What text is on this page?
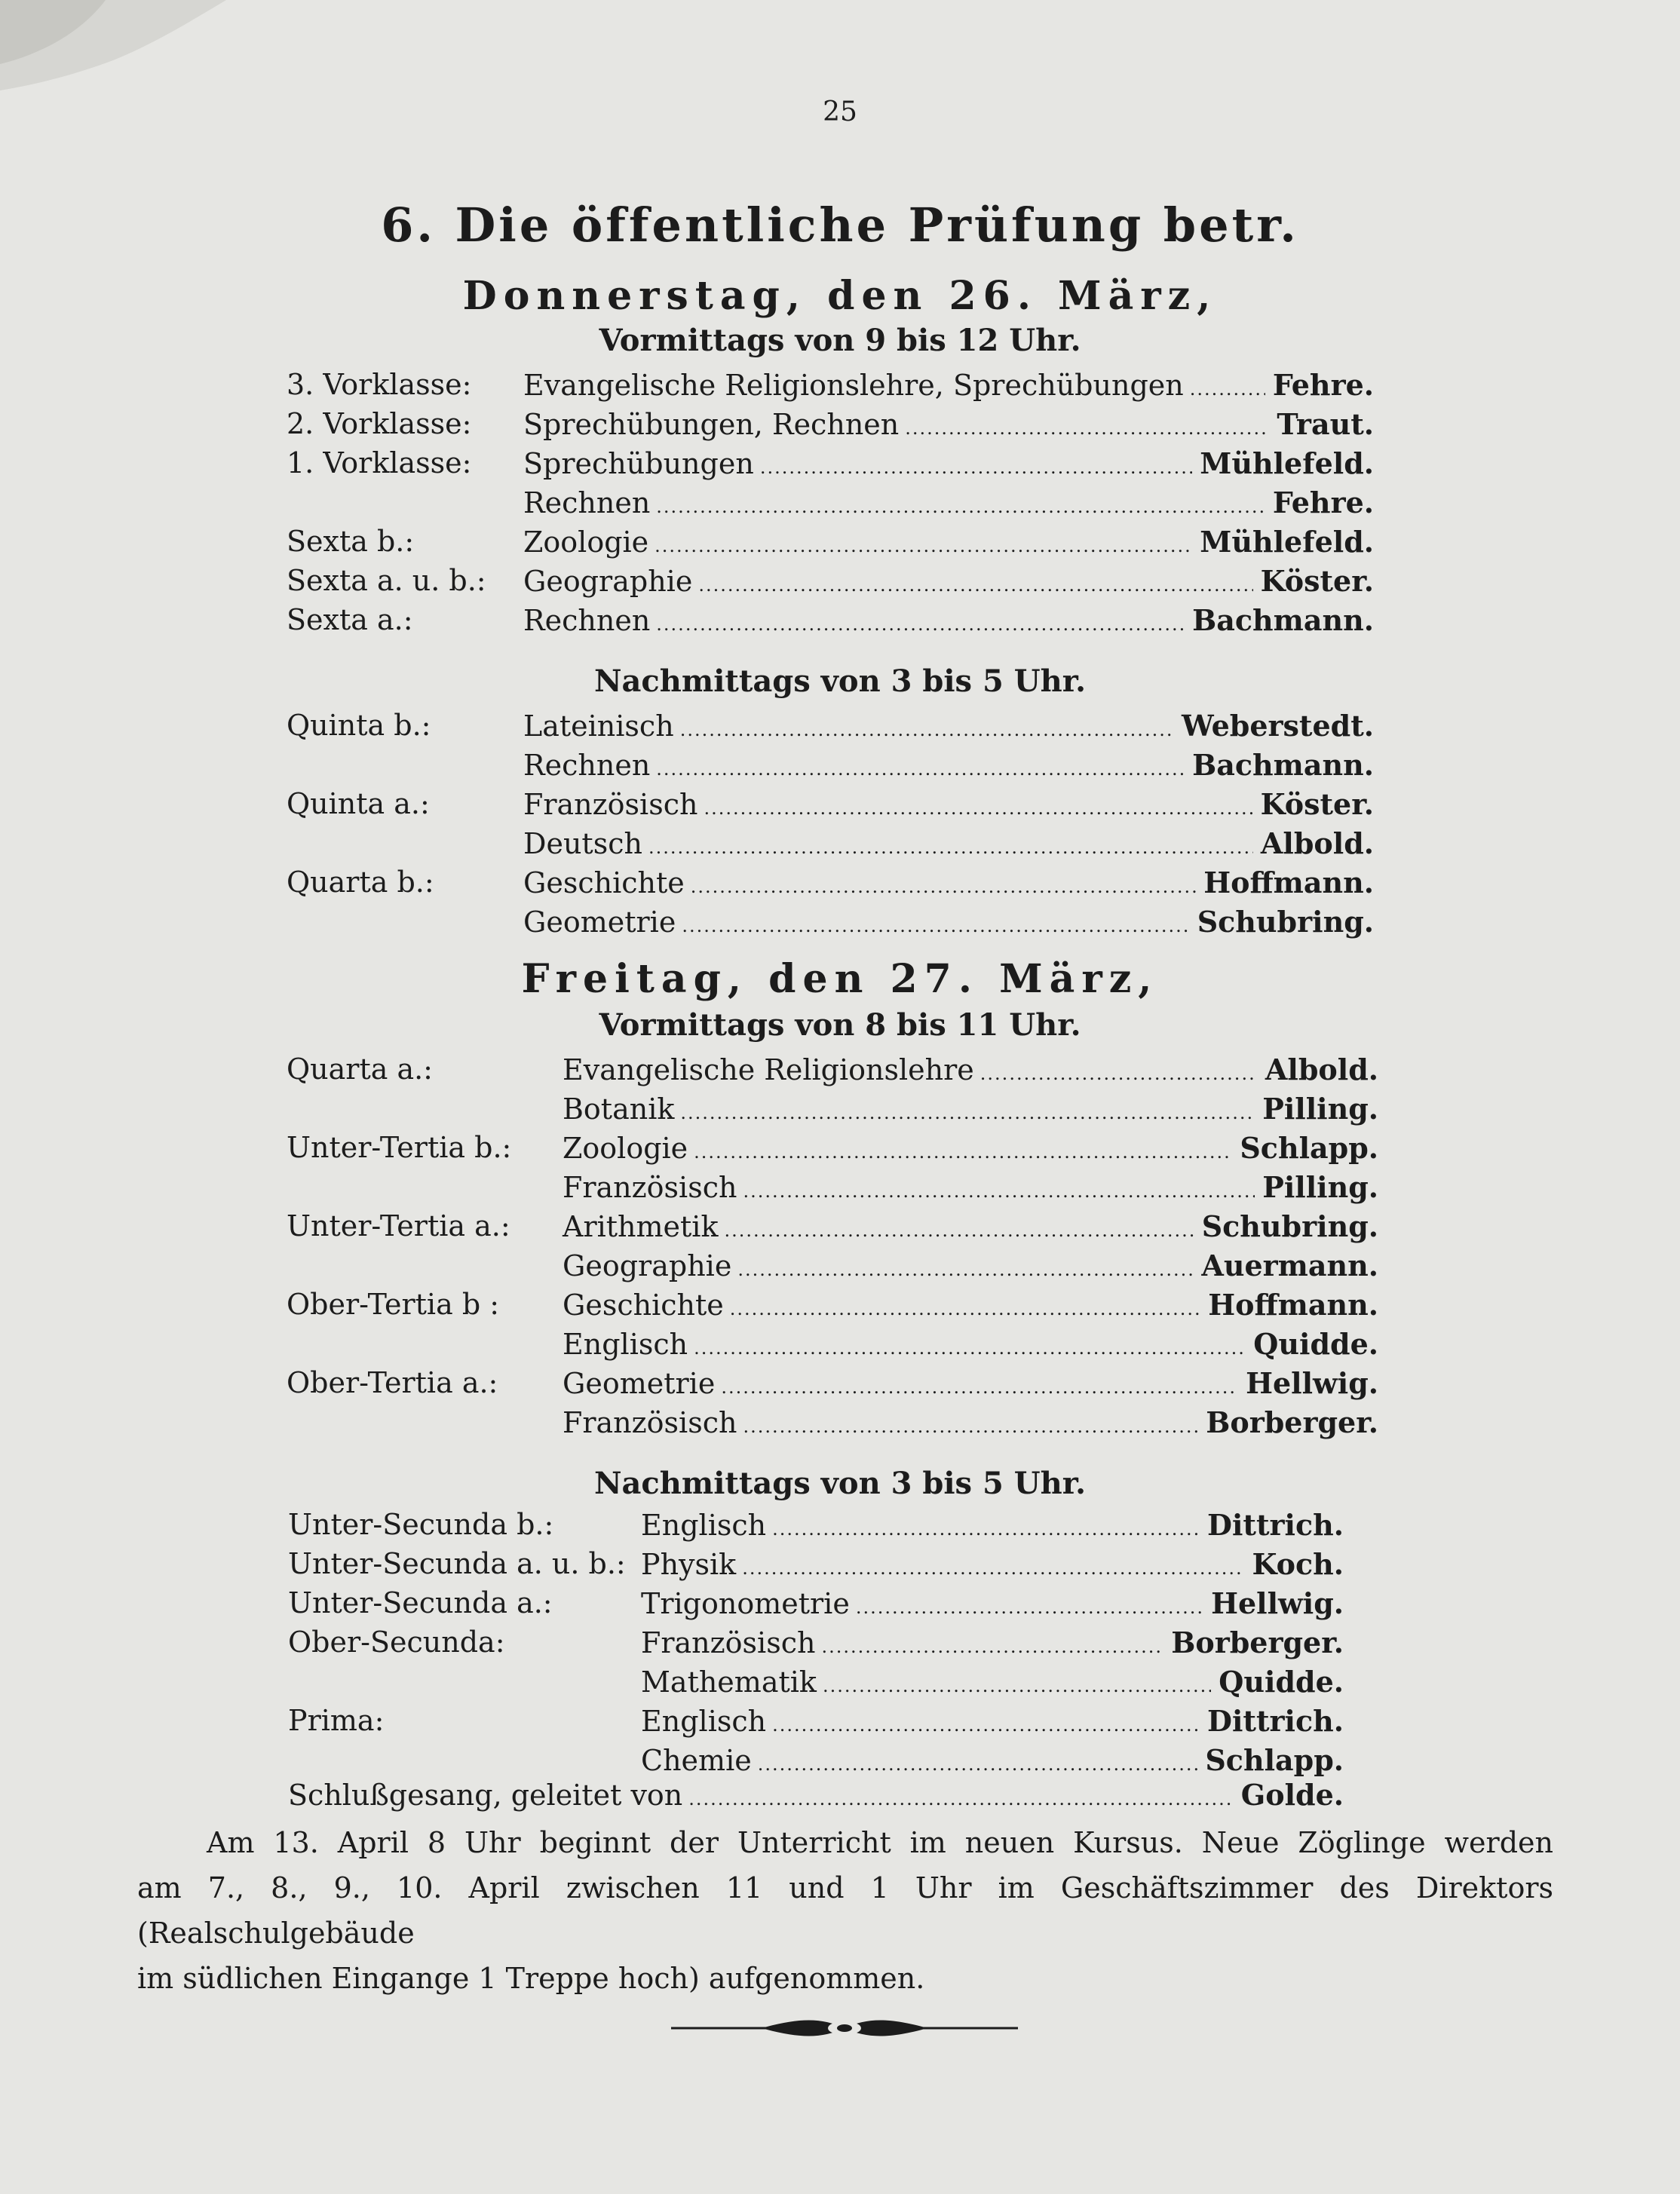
25
6. Die öffentliche Prüfung betr.
Donnerstag, den 26. März,
Vormittags von 9 bis 12 Uhr.
3. Vorklasse: Evangelische Religionslehre, Sprechübungen .....	Fehre.
2. Vorklasse: Sprechübungen, Rechnen .....	Traut.
1. Vorklasse: Sprechübungen .....	Mühlefeld.
Rechnen .....	Fehre.
Sexta b.:	Zoologie .....	Mühlefeld.
Sexta a. u. b.: Geographie .....	Köster.
Sexta a.:	Rechnen .....	Bachmann.
Nachmittags von 3 bis 5 Uhr.
Quinta b.:	Lateinisch .....	Weberstedt.
Rechnen .....	Bachmann.
Quinta a.:	Französisch .....	Köster.
Deutsch .....	Albold.
Quarta b.:	Geschichte .....	Hoffmann.
Geometrie .....	Schubring.
Freitag, den 27. März,
Vormittags von 8 bis 11 Uhr.
Quarta a.:	Evangelische Religionslehre .....	Albold.
Botanik .....	Pilling.
Unter-Tertia b.: Zoologie .....	Schlapp.
Französisch .....	Pilling.
Unter-Tertia a.: Arithmetik .....	Schubring.
Geographie .....	Auermann.
Ober-Tertia b : Geschichte .....	Hoffmann.
Englisch .....	Quidde.
Ober-Tertia a.: Geometrie .....	Hellwig.
Französisch .....	Borberger.
Nachmittags von 3 bis 5 Uhr.
Unter-Secunda b.:	Englisch .....	Dittrich.
Unter-Secunda a. u. b.: Physik .....	Koch.
Unter-Secunda a.:	Trigonometrie .....	Hellwig.
Ober-Secunda:	Französisch .....	Borberger.
Mathematik .....	Quidde.
Prima:	Englisch .....	Dittrich.
Chemie .....	Schlapp.
Schlußgesang, geleitet von .....	Golde.
Am 13. April 8 Uhr beginnt der Unterricht im neuen Kursus. Neue Zöglinge werden
am 7., 8., 9., 10. April zwischen 11 und 1 Uhr im Geschäftszimmer des Direktors (Realschulgebäude
im südlichen Eingange 1 Treppe hoch) aufgenommen.
